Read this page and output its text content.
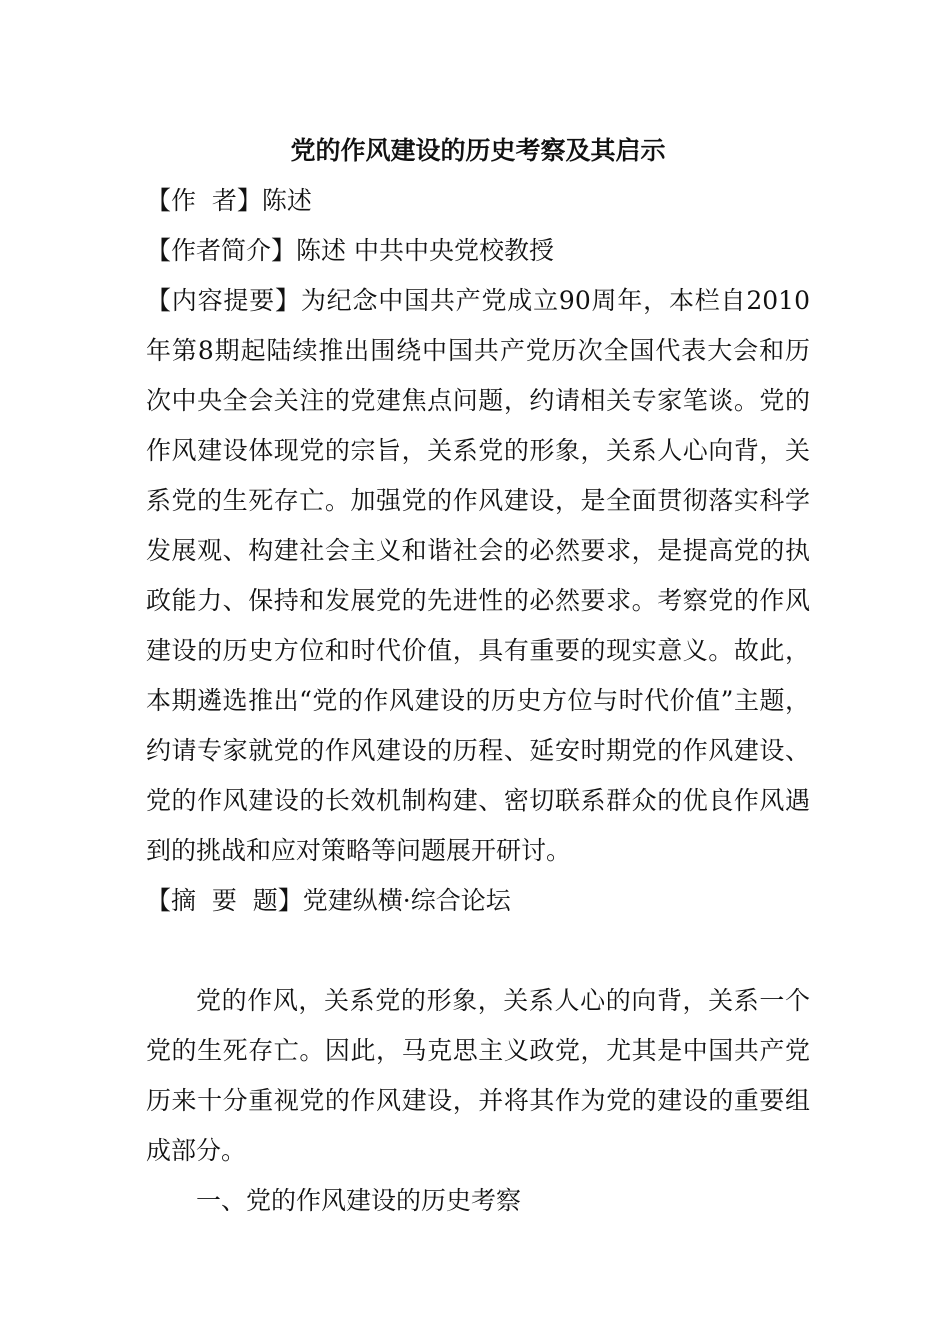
党的作风建设的历史考察及其启示

【作  者】陈述

【作者简介】陈述 中共中央党校教授

【内容提要】为纪念中国共产党成立90周年，本栏自2010年第8期起陆续推出围绕中国共产党历次全国代表大会和历次中央全会关注的党建焦点问题，约请相关专家笔谈。党的作风建设体现党的宗旨，关系党的形象，关系人心向背，关系党的生死存亡。加强党的作风建设，是全面贯彻落实科学发展观、构建社会主义和谐社会的必然要求，是提高党的执政能力、保持和发展党的先进性的必然要求。考察党的作风建设的历史方位和时代价值，具有重要的现实意义。故此，本期遴选推出“党的作风建设的历史方位与时代价值”主题，约请专家就党的作风建设的历程、延安时期党的作风建设、党的作风建设的长效机制构建、密切联系群众的优良作风遇到的挑战和应对策略等问题展开研讨。

【摘  要  题】党建纵横·综合论坛

党的作风，关系党的形象，关系人心的向背，关系一个党的生死存亡。因此，马克思主义政党，尤其是中国共产党历来十分重视党的作风建设，并将其作为党的建设的重要组成部分。

一、党的作风建设的历史考察
